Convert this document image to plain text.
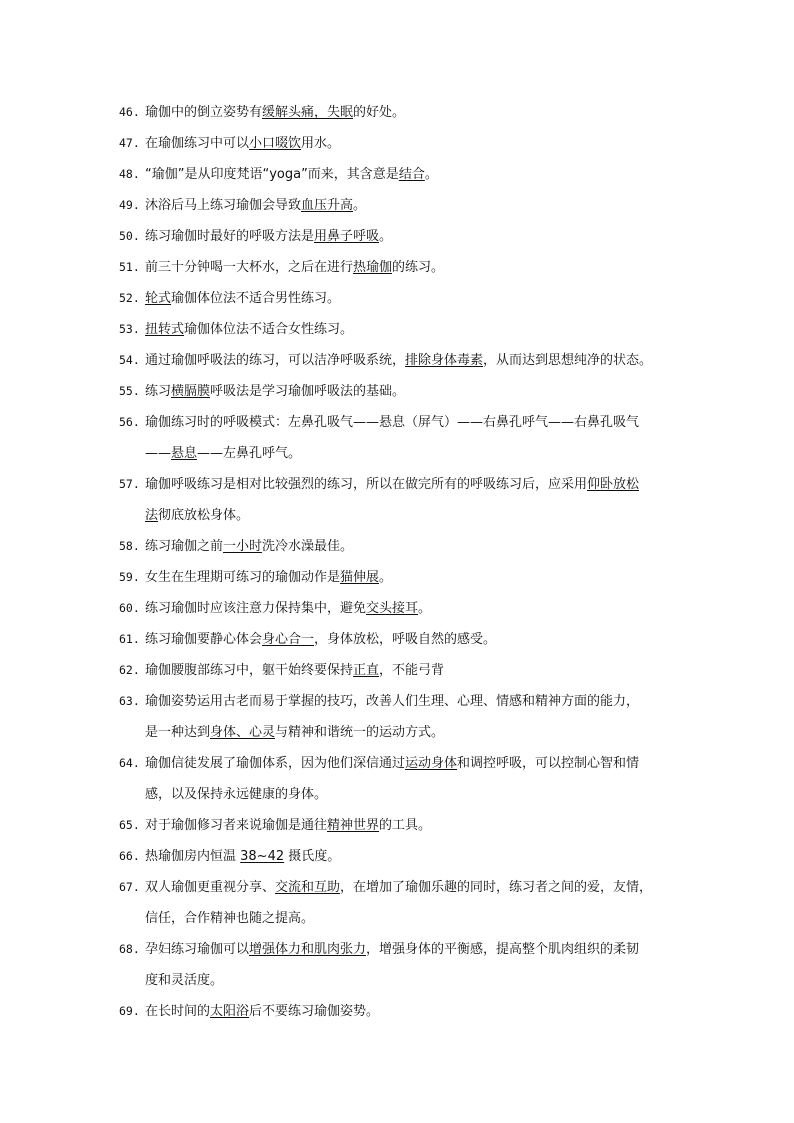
46. 瑜伽中的倒立姿势有缓解头痛，失眠的好处。
47. 在瑜伽练习中可以小口啜饮用水。
48. “瑜伽”是从印度梵语“yoga”而来，其含意是结合。
49. 沐浴后马上练习瑜伽会导致血压升高。
50. 练习瑜伽时最好的呼吸方法是用鼻子呼吸。
51. 前三十分钟喝一大杯水，之后在进行热瑜伽的练习。
52. 轮式瑜伽体位法不适合男性练习。
53. 扭转式瑜伽体位法不适合女性练习。
54. 通过瑜伽呼吸法的练习，可以洁净呼吸系统，排除身体毒素，从而达到思想纯净的状态。
55. 练习横膈膜呼吸法是学习瑜伽呼吸法的基础。
56. 瑜伽练习时的呼吸模式：左鼻孔吸气——悬息（屏气）——右鼻孔呼气——右鼻孔吸气
——悬息——左鼻孔呼气。
57. 瑜伽呼吸练习是相对比较强烈的练习，所以在做完所有的呼吸练习后，应采用仰卧放松
法彻底放松身体。
58. 练习瑜伽之前一小时洗冷水澡最佳。
59. 女生在生理期可练习的瑜伽动作是猫伸展。
60. 练习瑜伽时应该注意力保持集中，避免交头接耳。
61. 练习瑜伽要静心体会身心合一，身体放松，呼吸自然的感受。
62. 瑜伽腰腹部练习中，躯干始终要保持正直，不能弓背
63. 瑜伽姿势运用古老而易于掌握的技巧，改善人们生理、心理、情感和精神方面的能力，
是一种达到身体、心灵与精神和谐统一的运动方式。
64. 瑜伽信徒发展了瑜伽体系，因为他们深信通过运动身体和调控呼吸，可以控制心智和情
感，以及保持永远健康的身体。
65. 对于瑜伽修习者来说瑜伽是通往精神世界的工具。
66. 热瑜伽房内恒温 38~42 摄氏度。
67. 双人瑜伽更重视分享、交流和互助，在增加了瑜伽乐趣的同时，练习者之间的爱，友情，
信任，合作精神也随之提高。
68. 孕妇练习瑜伽可以增强体力和肌肉张力，增强身体的平衡感，提高整个肌肉组织的柔韧
度和灵活度。
69. 在长时间的太阳浴后不要练习瑜伽姿势。
